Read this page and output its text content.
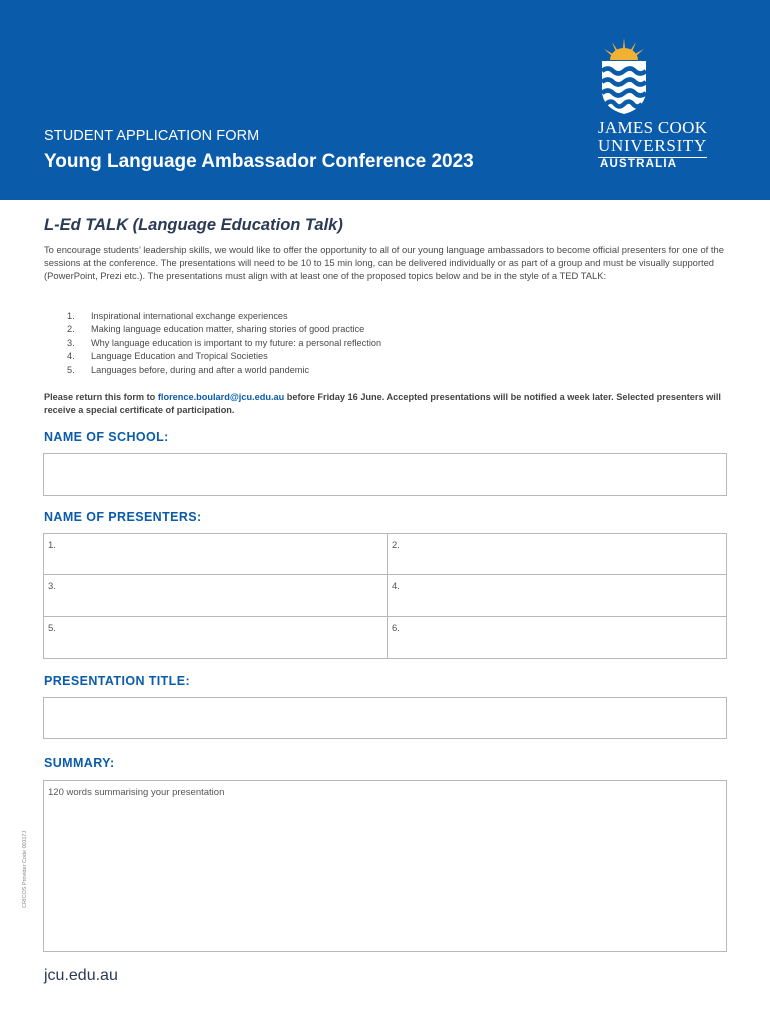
STUDENT APPLICATION FORM
Young Language Ambassador Conference 2023
JAMES COOK
UNIVERSITY
AUSTRALIA
L-Ed TALK (Language Education Talk)

To encourage students’ leadership skills, we would like to offer the opportunity to all of our young language ambassadors to become official presenters for one of the sessions at the conference. The presentations will need to be 10 to 15 min long, can be delivered individually or as part of a group and must be visually supported (PowerPoint, Prezi etc.). The presentations must align with at least one of the proposed topics below and be in the style of a TED TALK:

1.	Inspirational international exchange experiences
2.	Making language education matter, sharing stories of good practice
3.	Why language education is important to my future: a personal reflection
4.	Language Education and Tropical Societies
5.	Languages before, during and after a world pandemic

Please return this form to florence.boulard@jcu.edu.au before Friday 16 June. Accepted presentations will be notified a week later. Selected presenters will receive a special certificate of participation.

NAME OF SCHOOL:
NAME OF PRESENTERS:
1.	2.
3.	4.
5.	6.
PRESENTATION TITLE:
SUMMARY:
120 words summarising your presentation
CRICOS Provider Code 00117J
jcu.edu.au
